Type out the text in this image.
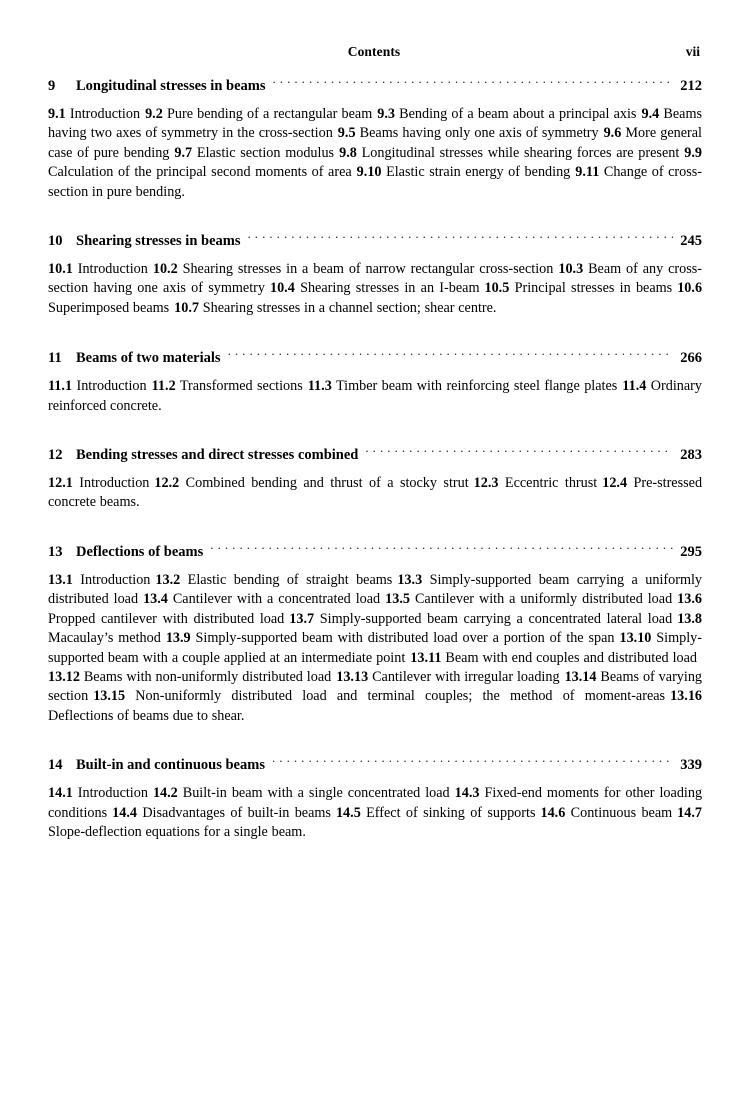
Contents	vii
9	Longitudinal stresses in beams . . .	212

9.1 Introduction 9.2 Pure bending of a rectangular beam 9.3 Bending of a beam about a principal axis 9.4 Beams having two axes of symmetry in the cross-section 9.5 Beams having only one axis of symmetry 9.6 More general case of pure bending 9.7 Elastic section modulus 9.8 Longitudinal stresses while shearing forces are present 9.9 Calculation of the principal second moments of area 9.10 Elastic strain energy of bending 9.11 Change of cross-section in pure bending.

10 Shearing stresses in beams . . .	245

10.1 Introduction 10.2 Shearing stresses in a beam of narrow rectangular cross-section 10.3 Beam of any cross-section having one axis of symmetry 10.4 Shearing stresses in an I-beam 10.5 Principal stresses in beams 10.6 Superimposed beams 10.7 Shearing stresses in a channel section; shear centre.

11 Beams of two materials . . .	266

11.1 Introduction 11.2 Transformed sections 11.3 Timber beam with reinforcing steel flange plates 11.4 Ordinary reinforced concrete.

12 Bending stresses and direct stresses combined . . .	283

12.1 Introduction 12.2 Combined bending and thrust of a stocky strut 12.3 Eccentric thrust 12.4 Pre-stressed concrete beams.

13 Deflections of beams . . .	295

13.1 Introduction 13.2 Elastic bending of straight beams 13.3 Simply-supported beam carrying a uniformly distributed load 13.4 Cantilever with a concentrated load 13.5 Cantilever with a uniformly distributed load 13.6 Propped cantilever with distributed load 13.7 Simply-supported beam carrying a concentrated lateral load 13.8 Macaulay’s method 13.9 Simply-supported beam with distributed load over a portion of the span 13.10 Simply-supported beam with a couple applied at an intermediate point 13.11 Beam with end couples and distributed load 13.12 Beams with non-uniformly distributed load 13.13 Cantilever with irregular loading 13.14 Beams of varying section 13.15 Non-uniformly distributed load and terminal couples; the method of moment-areas 13.16 Deflections of beams due to shear.

14 Built-in and continuous beams . . .	339

14.1 Introduction 14.2 Built-in beam with a single concentrated load 14.3 Fixed-end moments for other loading conditions 14.4 Disadvantages of built-in beams 14.5 Effect of sinking of supports 14.6 Continuous beam 14.7 Slope-deflection equations for a single beam.
